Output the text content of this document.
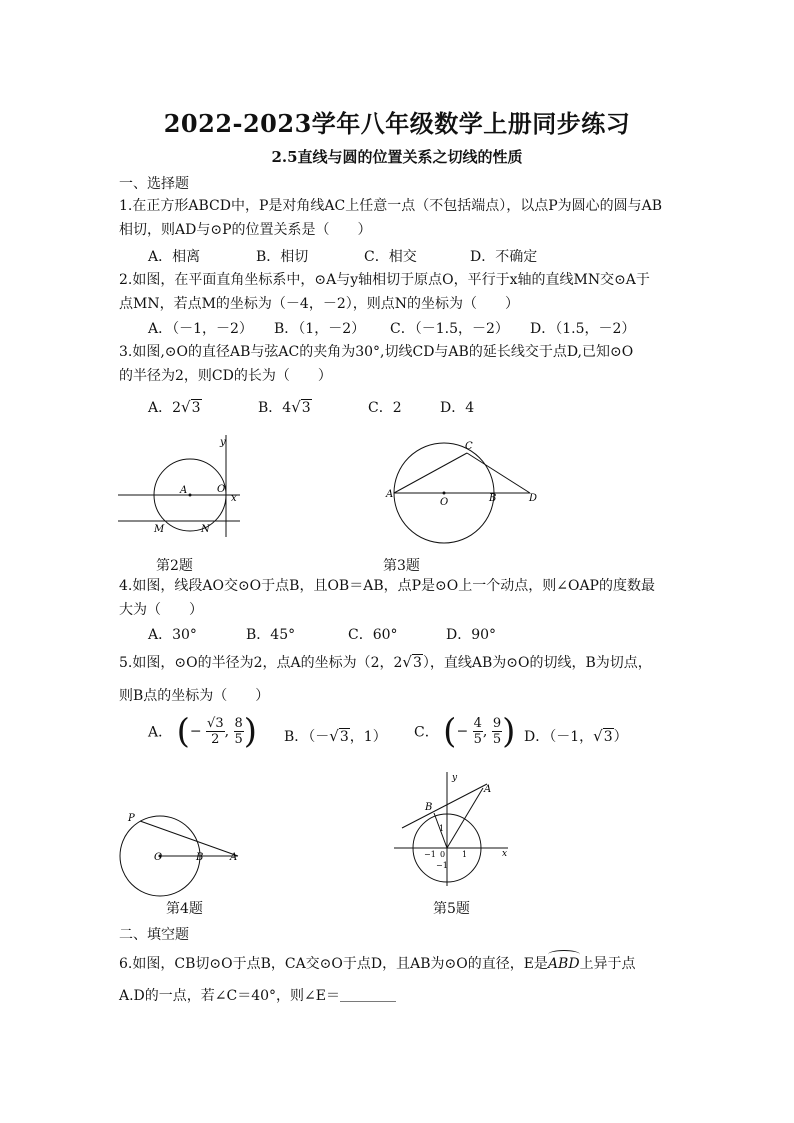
2022-2023学年八年级数学上册同步练习
2.5直线与圆的位置关系之切线的性质
一、选择题
1.在正方形ABCD中，P是对角线AC上任意一点（不包括端点），以点P为圆心的圆与AB
相切，则AD与⊙P的位置关系是（　　）
A．相离	B．相切	C．相交	D．不确定
2.如图，在平面直角坐标系中，⊙A与y轴相切于原点O，平行于x轴的直线MN交⊙A于
点MN，若点M的坐标为（－4，－2），则点N的坐标为（　　）
A．（－1，－2） B．（1，－2） C．（－1.5，－2） D．（1.5，－2）
3.如图,⊙O的直径AB与弦AC的夹角为30°,切线CD与AB的延长线交于点D,已知⊙O
的半径为2，则CD的长为（　　）
A．2√3	B．4√3	C．2	D．4
y
x
O
A
M	N
第2题
C
A
O	B	D
第3题
4.如图，线段AO交⊙O于点B，且OB＝AB，点P是⊙O上一个动点，则∠OAP的度数最
大为（　　）
A．30°	B．45°	C．60°	D．90°
5.如图，⊙O的半径为2，点A的坐标为（2，2√3），直线AB为⊙O的切线，B为切点，
则B点的坐标为（　　）
A． (− $\frac{√3}{2}$ , $\frac{8}{5}$ ) B．（－√3，1） C． (− $\frac{4}{5}$ , $\frac{9}{5}$ ) D．（－1，√3）
P
O	B	A
第4题
y
x
A
B
1
−1 0 1
−1
第5题
二、填空题
6.如图，CB切⊙O于点B，CA交⊙O于点D，且AB为⊙O的直径，E是ABD上异于点
A.D的一点，若∠C＝40°，则∠E＝＿＿＿＿
